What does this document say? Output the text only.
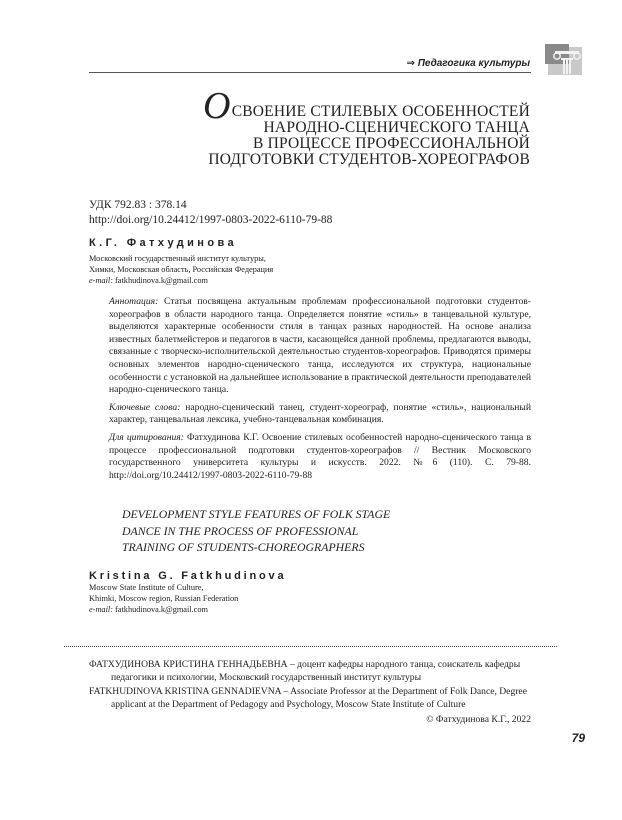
⇒ Педагогика культуры
ОСВОЕНИЕ СТИЛЕВЫХ ОСОБЕННОСТЕЙ
НАРОДНО-СЦЕНИЧЕСКОГО ТАНЦА
В ПРОЦЕССЕ ПРОФЕССИОНАЛЬНОЙ
ПОДГОТОВКИ СТУДЕНТОВ-ХОРЕОГРАФОВ
УДК 792.83 : 378.14
http://doi.org/10.24412/1997-0803-2022-6110-79-88
К.Г. Фатхудинова
Московский государственный институт культуры,
Химки, Московская область, Российская Федерация
e-mail: fatkhudinova.k@gmail.com

Аннотация: Статья посвящена актуальным проблемам профессиональной подготовки студентов-хореографов в области народного танца. Определяется понятие «стиль» в танцевальной культуре, выделяются характерные особенности стиля в танцах разных народностей. На основе анализа известных балетмейстеров и педагогов в части, касающейся данной проблемы, предлагаются выводы, связанные с творческо-исполнительской деятельностью студентов-хореографов. Приводятся примеры основных элементов народно-сценического танца, исследуются их структура, национальные особенности с установкой на дальнейшее использование в практической деятельности преподавателей народно-сценического танца.

Ключевые слова: народно-сценический танец, студент-хореограф, понятие «стиль», национальный характер, танцевальная лексика, учебно-танцевальная комбинация.

Для цитирования: Фатхудинова К.Г. Освоение стилевых особенностей народно-сценического танца в процессе профессиональной подготовки студентов-хореографов // Вестник Московского государственного университета культуры и искусств. 2022. №6 (110). С. 79-88. http://doi.org/10.24412/1997-0803-2022-6110-79-88

DEVELOPMENT STYLE FEATURES OF FOLK STAGE
DANCE IN THE PROCESS OF PROFESSIONAL
TRAINING OF STUDENTS-CHOREOGRAPHERS
Kristina G. Fatkhudinova
Moscow State Institute of Culture,
Khimki, Moscow region, Russian Federation
e-mail: fatkhudinova.k@gmail.com
ФАТХУДИНОВА КРИСТИНА ГЕННАДЬЕВНА – доцент кафедры народного танца, соискатель кафедры
педагогики и психологии, Московский государственный институт культуры
FATKHUDINOVA KRISTINA GENNADIEVNA – Associate Professor at the Department of Folk Dance, Degree
applicant at the Department of Pedagogy and Psychology, Moscow State Institute of Culture
© Фатхудинова К.Г., 2022
79
